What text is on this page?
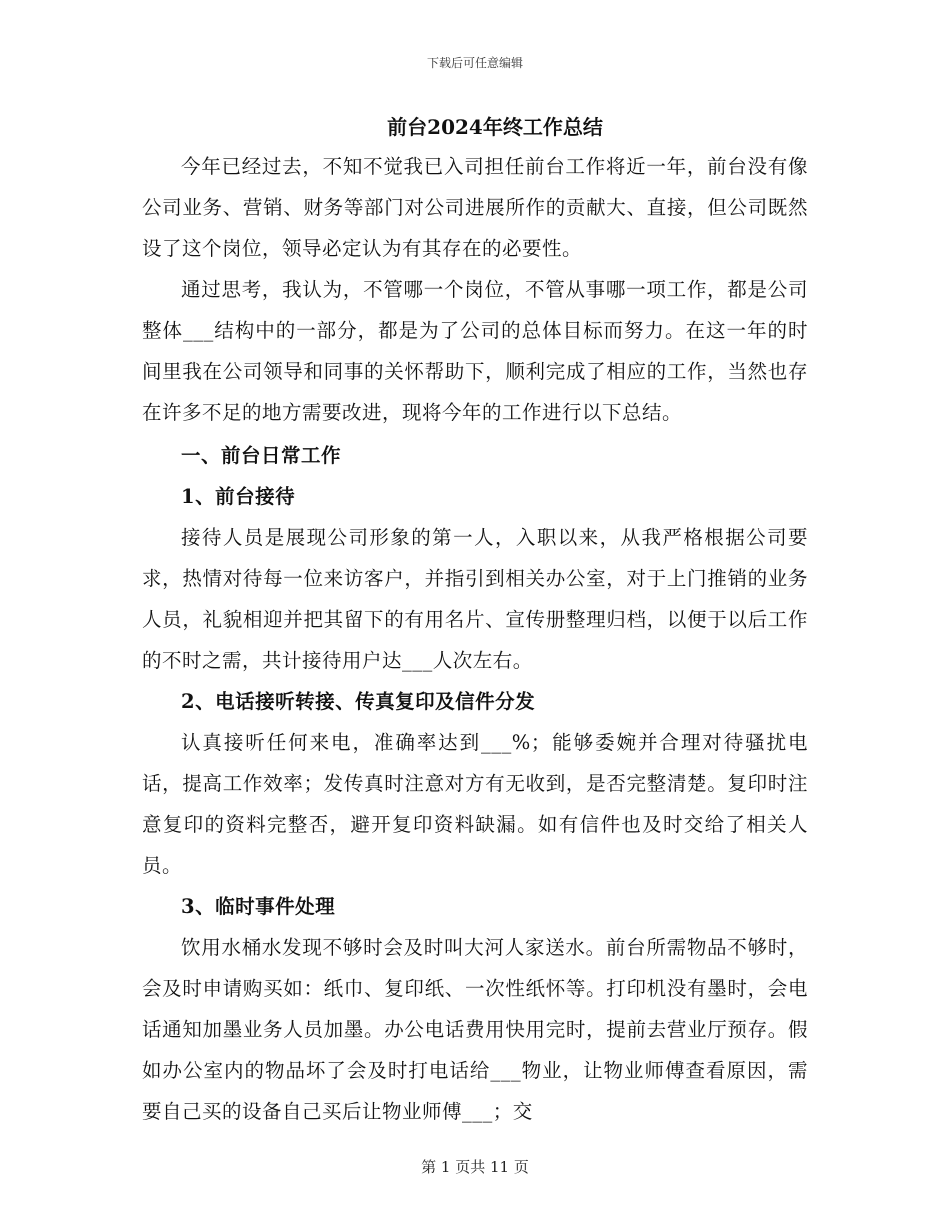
下载后可任意编辑
前台2024年终工作总结

今年已经过去，不知不觉我已入司担任前台工作将近一年，前台没有像公司业务、营销、财务等部门对公司进展所作的贡献大、直接，但公司既然设了这个岗位，领导必定认为有其存在的必要性。

通过思考，我认为，不管哪一个岗位，不管从事哪一项工作，都是公司整体___结构中的一部分，都是为了公司的总体目标而努力。在这一年的时间里我在公司领导和同事的关怀帮助下，顺利完成了相应的工作，当然也存在许多不足的地方需要改进，现将今年的工作进行以下总结。

一、前台日常工作

1、前台接待

接待人员是展现公司形象的第一人，入职以来，从我严格根据公司要求，热情对待每一位来访客户，并指引到相关办公室，对于上门推销的业务人员，礼貌相迎并把其留下的有用名片、宣传册整理归档，以便于以后工作的不时之需，共计接待用户达___人次左右。

2、电话接听转接、传真复印及信件分发

认真接听任何来电，准确率达到___%；能够委婉并合理对待骚扰电话，提高工作效率；发传真时注意对方有无收到，是否完整清楚。复印时注意复印的资料完整否，避开复印资料缺漏。如有信件也及时交给了相关人员。

3、临时事件处理

饮用水桶水发现不够时会及时叫大河人家送水。前台所需物品不够时，会及时申请购买如：纸巾、复印纸、一次性纸怀等。打印机没有墨时，会电话通知加墨业务人员加墨。办公电话费用快用完时，提前去营业厅预存。假如办公室内的物品坏了会及时打电话给___物业，让物业师傅查看原因，需要自己买的设备自己买后让物业师傅___；交

第 1 页共 11 页
